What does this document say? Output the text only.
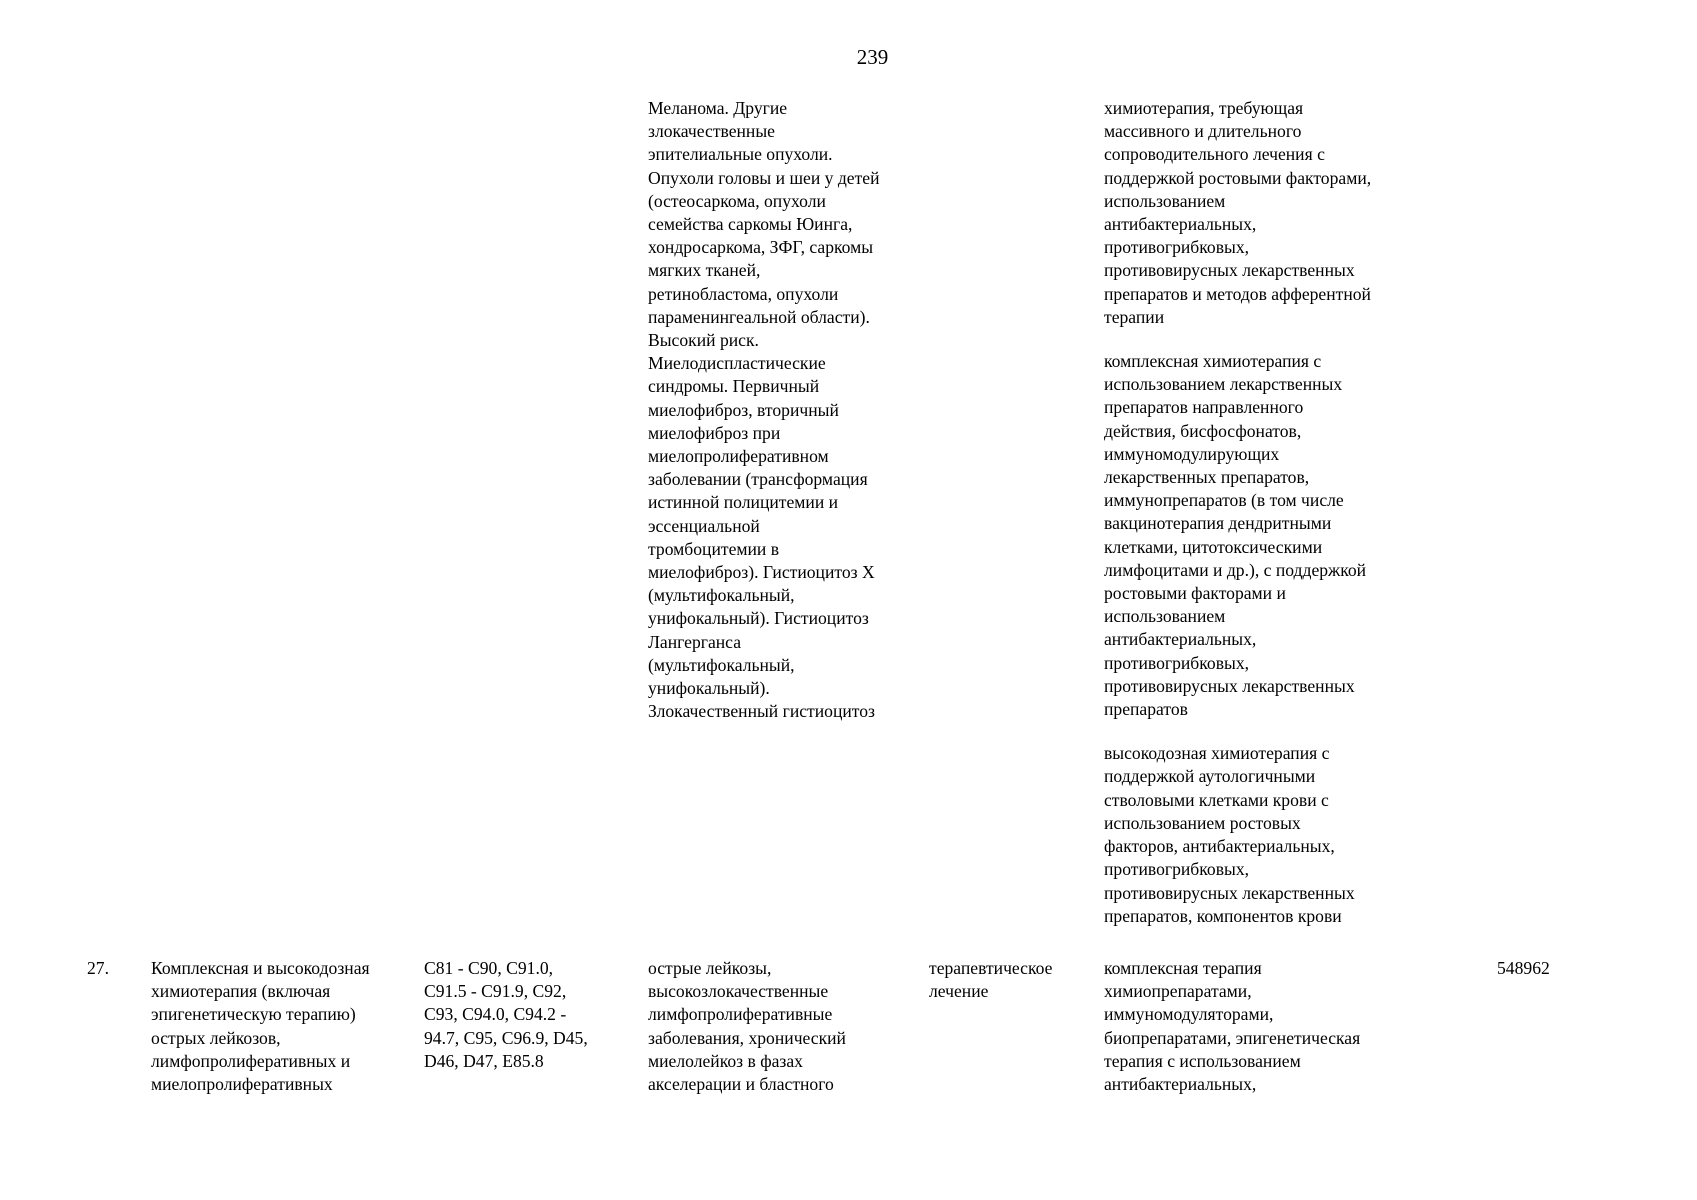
239
Меланома. Другие
злокачественные
эпителиальные опухоли.
Опухоли головы и шеи у детей
(остеосаркома, опухоли
семейства саркомы Юинга,
хондросаркома, ЗФГ, саркомы
мягких тканей,
ретинобластома, опухоли
параменингеальной области).
Высокий риск.
Миелодиспластические
синдромы. Первичный
миелофиброз, вторичный
миелофиброз при
миелопролиферативном
заболевании (трансформация
истинной полицитемии и
эссенциальной
тромбоцитемии в
миелофиброз). Гистиоцитоз X
(мультифокальный,
унифокальный). Гистиоцитоз
Лангерганса
(мультифокальный,
унифокальный).
Злокачественный гистиоцитоз

химиотерапия, требующая
массивного и длительного
сопроводительного лечения с
поддержкой ростовыми факторами,
использованием
антибактериальных,
противогрибковых,
противовирусных лекарственных
препаратов и методов афферентной
терапии

комплексная химиотерапия с
использованием лекарственных
препаратов направленного
действия, бисфосфонатов,
иммуномодулирующих
лекарственных препаратов,
иммунопрепаратов (в том числе
вакцинотерапия дендритными
клетками, цитотоксическими
лимфоцитами и др.), с поддержкой
ростовыми факторами и
использованием
антибактериальных,
противогрибковых,
противовирусных лекарственных
препаратов

высокодозная химиотерапия с
поддержкой аутологичными
стволовыми клетками крови с
использованием ростовых
факторов, антибактериальных,
противогрибковых,
противовирусных лекарственных
препаратов, компонентов крови

27. Комплексная и высокодозная
химиотерапия (включая
эпигенетическую терапию)
острых лейкозов,
лимфопролиферативных и
миелопролиферативных
C81 - C90, C91.0,
C91.5 - C91.9, C92,
C93, C94.0, C94.2 -
94.7, C95, C96.9, D45,
D46, D47, E85.8
острые лейкозы,
высокозлокачественные
лимфопролиферативные
заболевания, хронический
миелолейкоз в фазах
акселерации и бластного
терапевтическое
лечение
комплексная терапия
химиопрепаратами,
иммуномодуляторами,
биопрепаратами, эпигенетическая
терапия с использованием
антибактериальных,
548962
